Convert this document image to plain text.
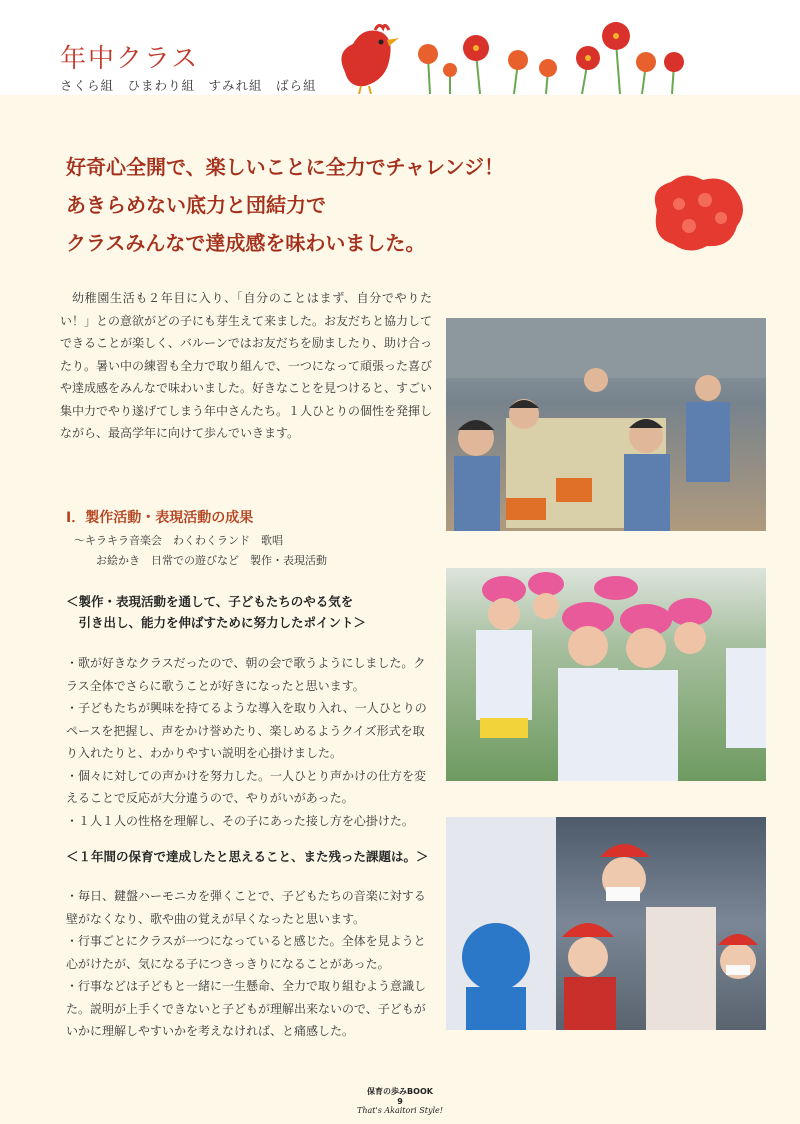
年中クラス
さくら組　ひまわり組　すみれ組　ばら組
好奇心全開で、楽しいことに全力でチャレンジ！
あきらめない底力と団結力で
クラスみんなで達成感を味わいました。
幼稚園生活も２年目に入り、「自分のことはまず、自分でやりたい！」との意欲がどの子にも芽生えて来ました。お友だちと協力してできることが楽しく、バルーンではお友だちを励ましたり、助け合ったり。暑い中の練習も全力で取り組んで、一つになって頑張った喜びや達成感をみんなで味わいました。好きなことを見つけると、すごい集中力でやり遂げてしまう年中さんたち。１人ひとりの個性を発揮しながら、最高学年に向けて歩んでいきます。
Ⅰ．製作活動・表現活動の成果
～キラキラ音楽会　わくわくランド　歌唱
　　お絵かき　日常での遊びなど　製作・表現活動
＜製作・表現活動を通して、子どもたちのやる気を
　引き出し、能力を伸ばすために努力したポイント＞

・歌が好きなクラスだったので、朝の会で歌うようにしました。クラス全体でさらに歌うことが好きになったと思います。

・子どもたちが興味を持てるような導入を取り入れ、一人ひとりのペースを把握し、声をかけ誉めたり、楽しめるようクイズ形式を取り入れたりと、わかりやすい説明を心掛けました。

・個々に対しての声かけを努力した。一人ひとり声かけの仕方を変えることで反応が大分違うので、やりがいがあった。

・１人１人の性格を理解し、その子にあった接し方を心掛けた。

＜１年間の保育で達成したと思えること、また残った課題は。＞

・毎日、鍵盤ハーモニカを弾くことで、子どもたちの音楽に対する壁がなくなり、歌や曲の覚えが早くなったと思います。

・行事ごとにクラスが一つになっていると感じた。全体を見ようと心がけたが、気になる子につきっきりになることがあった。

・行事などは子どもと一緒に一生懸命、全力で取り組むよう意識した。説明が上手くできないと子どもが理解出来ないので、子どもがいかに理解しやすいかを考えなければ、と痛感した。

保育の歩みBOOK
9
That's Akaitori Style!
